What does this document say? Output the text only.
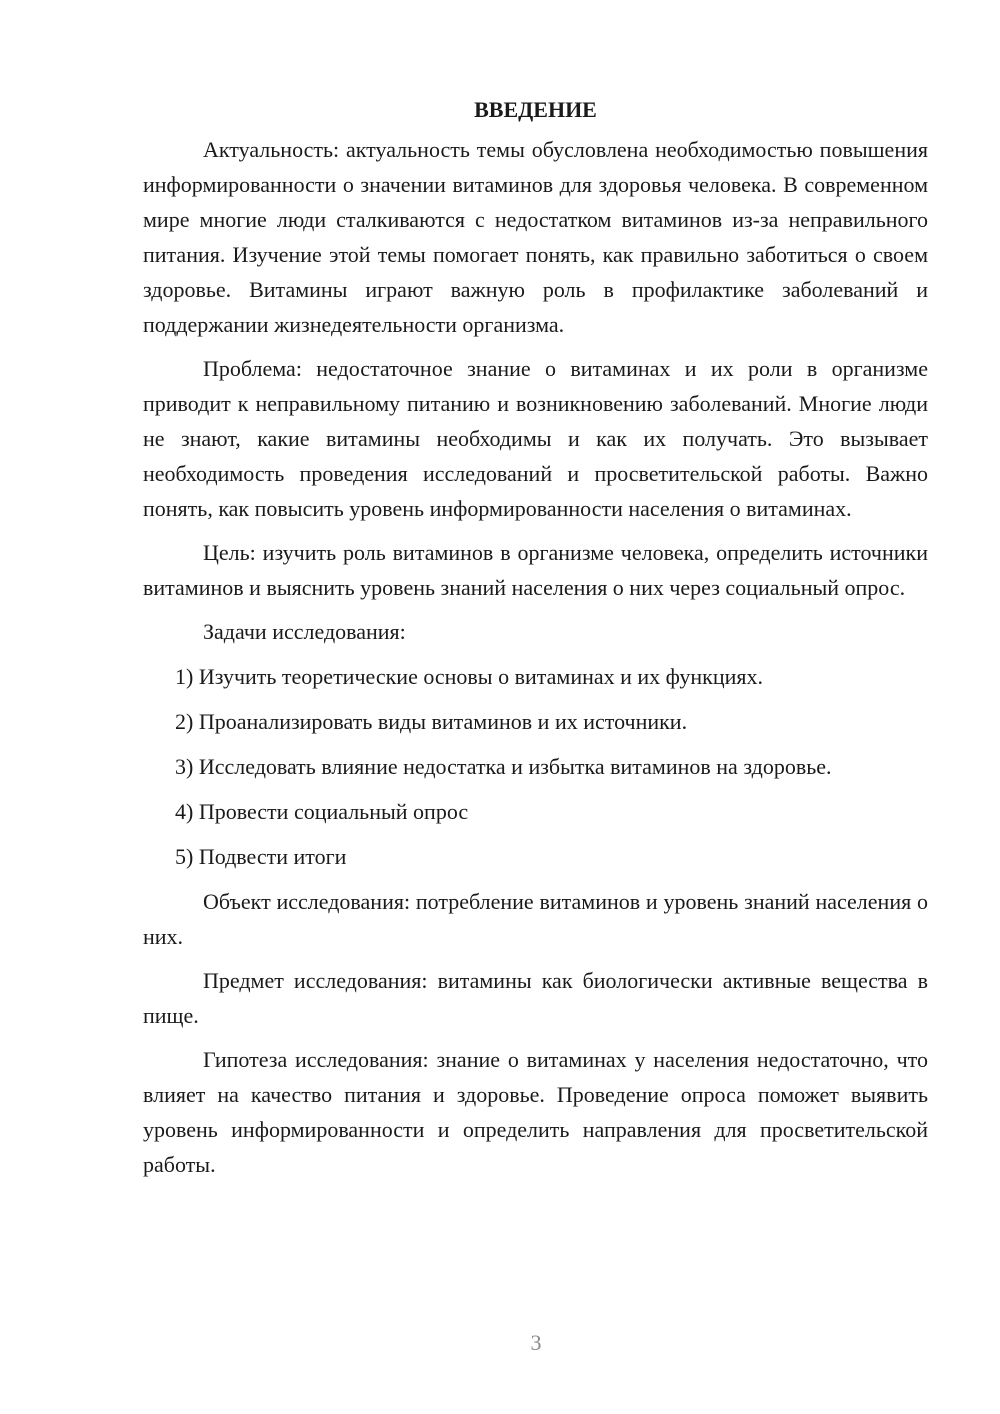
ВВЕДЕНИЕ

Актуальность: актуальность темы обусловлена необходимостью повышения информированности о значении витаминов для здоровья человека. В современном мире многие люди сталкиваются с недостатком витаминов из-за неправильного питания. Изучение этой темы помогает понять, как правильно заботиться о своем здоровье. Витамины играют важную роль в профилактике заболеваний и поддержании жизнедеятельности организма.

Проблема: недостаточное знание о витаминах и их роли в организме приводит к неправильному питанию и возникновению заболеваний. Многие люди не знают, какие витамины необходимы и как их получать. Это вызывает необходимость проведения исследований и просветительской работы. Важно понять, как повысить уровень информированности населения о витаминах.

Цель: изучить роль витаминов в организме человека, определить источники витаминов и выяснить уровень знаний населения о них через социальный опрос.

Задачи исследования:

1) Изучить теоретические основы о витаминах и их функциях.
2) Проанализировать виды витаминов и их источники.
3) Исследовать влияние недостатка и избытка витаминов на здоровье.
4) Провести социальный опрос
5) Подвести итоги

Объект исследования: потребление витаминов и уровень знаний населения о них.

Предмет исследования: витамины как биологически активные вещества в пище.

Гипотеза исследования: знание о витаминах у населения недостаточно, что влияет на качество питания и здоровье. Проведение опроса поможет выявить уровень информированности и определить направления для просветительской работы.

3
